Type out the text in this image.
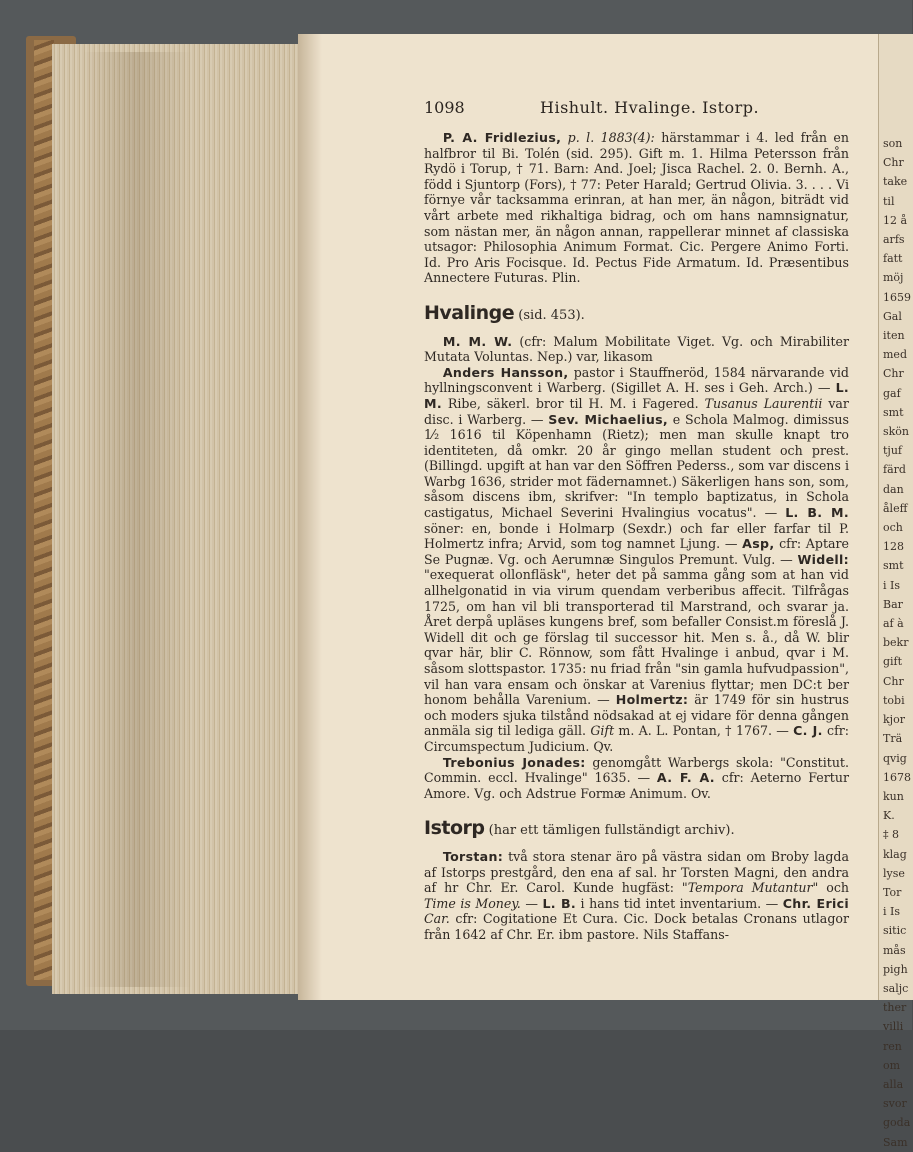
son
Chr
take
til
12 å
arfs
fatt
möj
1659
Gal
iten
med
Chr
gaf
smt
skön
tjuf
färd
dan
åleff
och
128
smt
i Is
Bar
af à
bekr
gift
Chr
tobi
kjor
Trä
qvig
1678
kun
K.
‡ 8
klag
lyse
Tor
i Is
sitic
mås
pigh
saljc
ther
villi
ren
om
alla
svor
goda
Sam
1098	Hishult. Hvalinge. Istorp.

P. A. Fridlezius, p. l. 1883(4): härstammar i 4. led från en halfbror til Bi. Tolén (sid. 295). Gift m. 1. Hilma Petersson från Rydö i Torup, † 71. Barn: And. Joel; Jisca Rachel. 2. 0. Bernh. A., född i Sjuntorp (Fors), † 77: Peter Harald; Gertrud Olivia. 3. . . . Vi förnye vår tacksamma erinran, at han mer, än någon, biträdt vid vårt arbete med rikhaltiga bidrag, och om hans namnsignatur, som nästan mer, än någon annan, rappellerar minnet af classiska utsagor: Philosophia Animum Format. Cic. Pergere Animo Forti. Id. Pro Aris Focisque. Id. Pectus Fide Armatum. Id. Præsentibus Annectere Futuras. Plin.

Hvalinge (sid. 453).

M. M. W. (cfr: Malum Mobilitate Viget. Vg. och Mirabiliter Mutata Voluntas. Nep.) var, likasom

Anders Hansson, pastor i Stauffneröd, 1584 närvarande vid hyllningsconvent i Warberg. (Sigillet A. H. ses i Geh. Arch.) — L. M. Ribe, säkerl. bror til H. M. i Fagered. Tusanus Laurentii var disc. i Warberg. — Sev. Michaelius, e Schola Malmog. dimissus 1⁄₂ 1616 til Köpenhamn (Rietz); men man skulle knapt tro identiteten, då omkr. 20 år gingo mellan student och prest. (Billingd. upgift at han var den Söffren Pederss., som var discens i Warbg 1636, strider mot fädernamnet.) Säkerligen hans son, som, såsom discens ibm, skrifver: "In templo baptizatus, in Schola castigatus, Michael Severini Hvalingius vocatus". — L. B. M. söner: en, bonde i Holmarp (Sexdr.) och far eller farfar til P. Holmertz infra; Arvid, som tog namnet Ljung. — Asp, cfr: Aptare Se Pugnæ. Vg. och Aerumnæ Singulos Premunt. Vulg. — Widell: "exequerat ollonfläsk", heter det på samma gång som at han vid allhelgonatid in via virum quendam verberibus affecit. Tilfrågas 1725, om han vil bli transporterad til Marstrand, och svarar ja. Året derpå upläses kungens bref, som befaller Consist.m föreslå J. Widell dit och ge förslag til successor hit. Men s. å., då W. blir qvar här, blir C. Rönnow, som fått Hvalinge i anbud, qvar i M. såsom slottspastor. 1735: nu friad från "sin gamla hufvudpassion", vil han vara ensam och önskar at Varenius flyttar; men DC:t ber honom behålla Varenium. — Holmertz: är 1749 för sin hustrus och moders sjuka tilstånd nödsakad at ej vidare för denna gången anmäla sig til lediga gäll. Gift m. A. L. Pontan, † 1767. — C. J. cfr: Circumspectum Judicium. Qv.

Trebonius Jonades: genomgått Warbergs skola: "Constitut. Commin. eccl. Hvalinge" 1635. — A. F. A. cfr: Aeterno Fertur Amore. Vg. och Adstrue Formæ Animum. Ov.

Istorp (har ett tämligen fullständigt archiv).

Torstan: två stora stenar äro på västra sidan om Broby lagda af Istorps prestgård, den ena af sal. hr Torsten Magni, den andra af hr Chr. Er. Carol. Kunde hugfäst: "Tempora Mutantur" och Time is Money. — L. B. i hans tid intet inventarium. — Chr. Erici Car. cfr: Cogitatione Et Cura. Cic. Dock betalas Cronans utlagor från 1642 af Chr. Er. ibm pastore. Nils Staffans-
